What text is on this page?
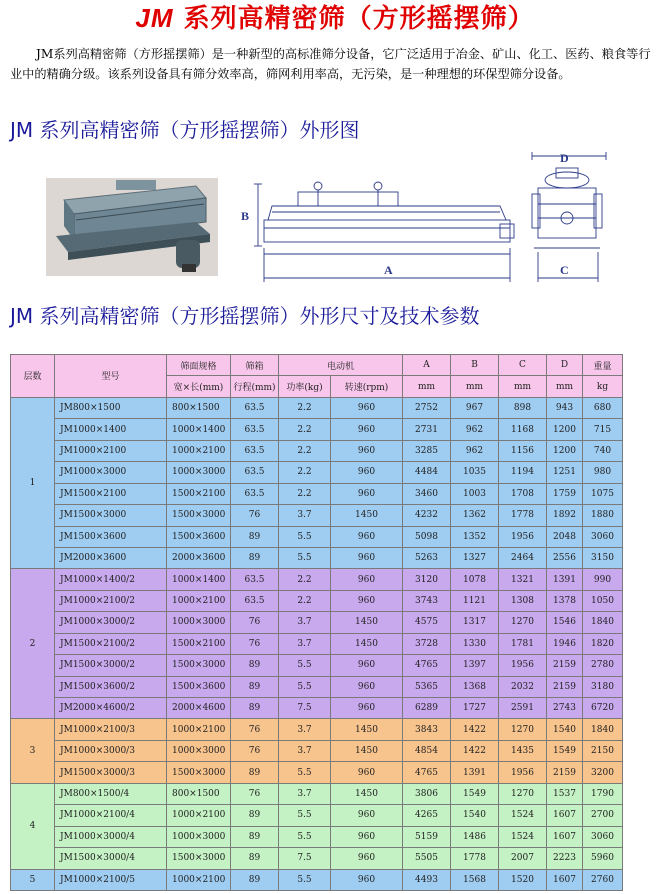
JM 系列高精密筛（方形摇摆筛）
JM系列高精密筛（方形摇摆筛）是一种新型的高标准筛分设备，它广泛适用于冶金、矿山、化工、医药、粮食等行业中的精确分级。该系列设备具有筛分效率高，筛网利用率高，无污染，是一种理想的环保型筛分设备。
JM 系列高精密筛（方形摇摆筛）外形图
B
A
D
C
JM 系列高精密筛（方形摇摆筛）外形尺寸及技术参数
层数	型号	筛面规格	筛箱	电动机		A	B	C	D	重量
		宽×长(mm)	行程(mm)	功率(kg)	转速(rpm)	mm	mm	mm	mm	kg
1	JM800×1500	800×1500	63.5	2.2	960	2752	967	898	943	680
	JM1000×1400	1000×1400	63.5	2.2	960	2731	962	1168	1200	715
	JM1000×2100	1000×2100	63.5	2.2	960	3285	962	1156	1200	740
	JM1000×3000	1000×3000	63.5	2.2	960	4484	1035	1194	1251	980
	JM1500×2100	1500×2100	63.5	2.2	960	3460	1003	1708	1759	1075
	JM1500×3000	1500×3000	76	3.7	1450	4232	1362	1778	1892	1880
	JM1500×3600	1500×3600	89	5.5	960	5098	1352	1956	2048	3060
	JM2000×3600	2000×3600	89	5.5	960	5263	1327	2464	2556	3150
2	JM1000×1400/2	1000×1400	63.5	2.2	960	3120	1078	1321	1391	990
	JM1000×2100/2	1000×2100	63.5	2.2	960	3743	1121	1308	1378	1050
	JM1000×3000/2	1000×3000	76	3.7	1450	4575	1317	1270	1546	1840
	JM1500×2100/2	1500×2100	76	3.7	1450	3728	1330	1781	1946	1820
	JM1500×3000/2	1500×3000	89	5.5	960	4765	1397	1956	2159	2780
	JM1500×3600/2	1500×3600	89	5.5	960	5365	1368	2032	2159	3180
	JM2000×4600/2	2000×4600	89	7.5	960	6289	1727	2591	2743	6720
3	JM1000×2100/3	1000×2100	76	3.7	1450	3843	1422	1270	1540	1840
	JM1000×3000/3	1000×3000	76	3.7	1450	4854	1422	1435	1549	2150
	JM1500×3000/3	1500×3000	89	5.5	960	4765	1391	1956	2159	3200
4	JM800×1500/4	800×1500	76	3.7	1450	3806	1549	1270	1537	1790
	JM1000×2100/4	1000×2100	89	5.5	960	4265	1540	1524	1607	2700
	JM1000×3000/4	1000×3000	89	5.5	960	5159	1486	1524	1607	3060
	JM1500×3000/4	1500×3000	89	7.5	960	5505	1778	2007	2223	5960
5	JM1000×2100/5	1000×2100	89	5.5	960	4493	1568	1520	1607	2760
